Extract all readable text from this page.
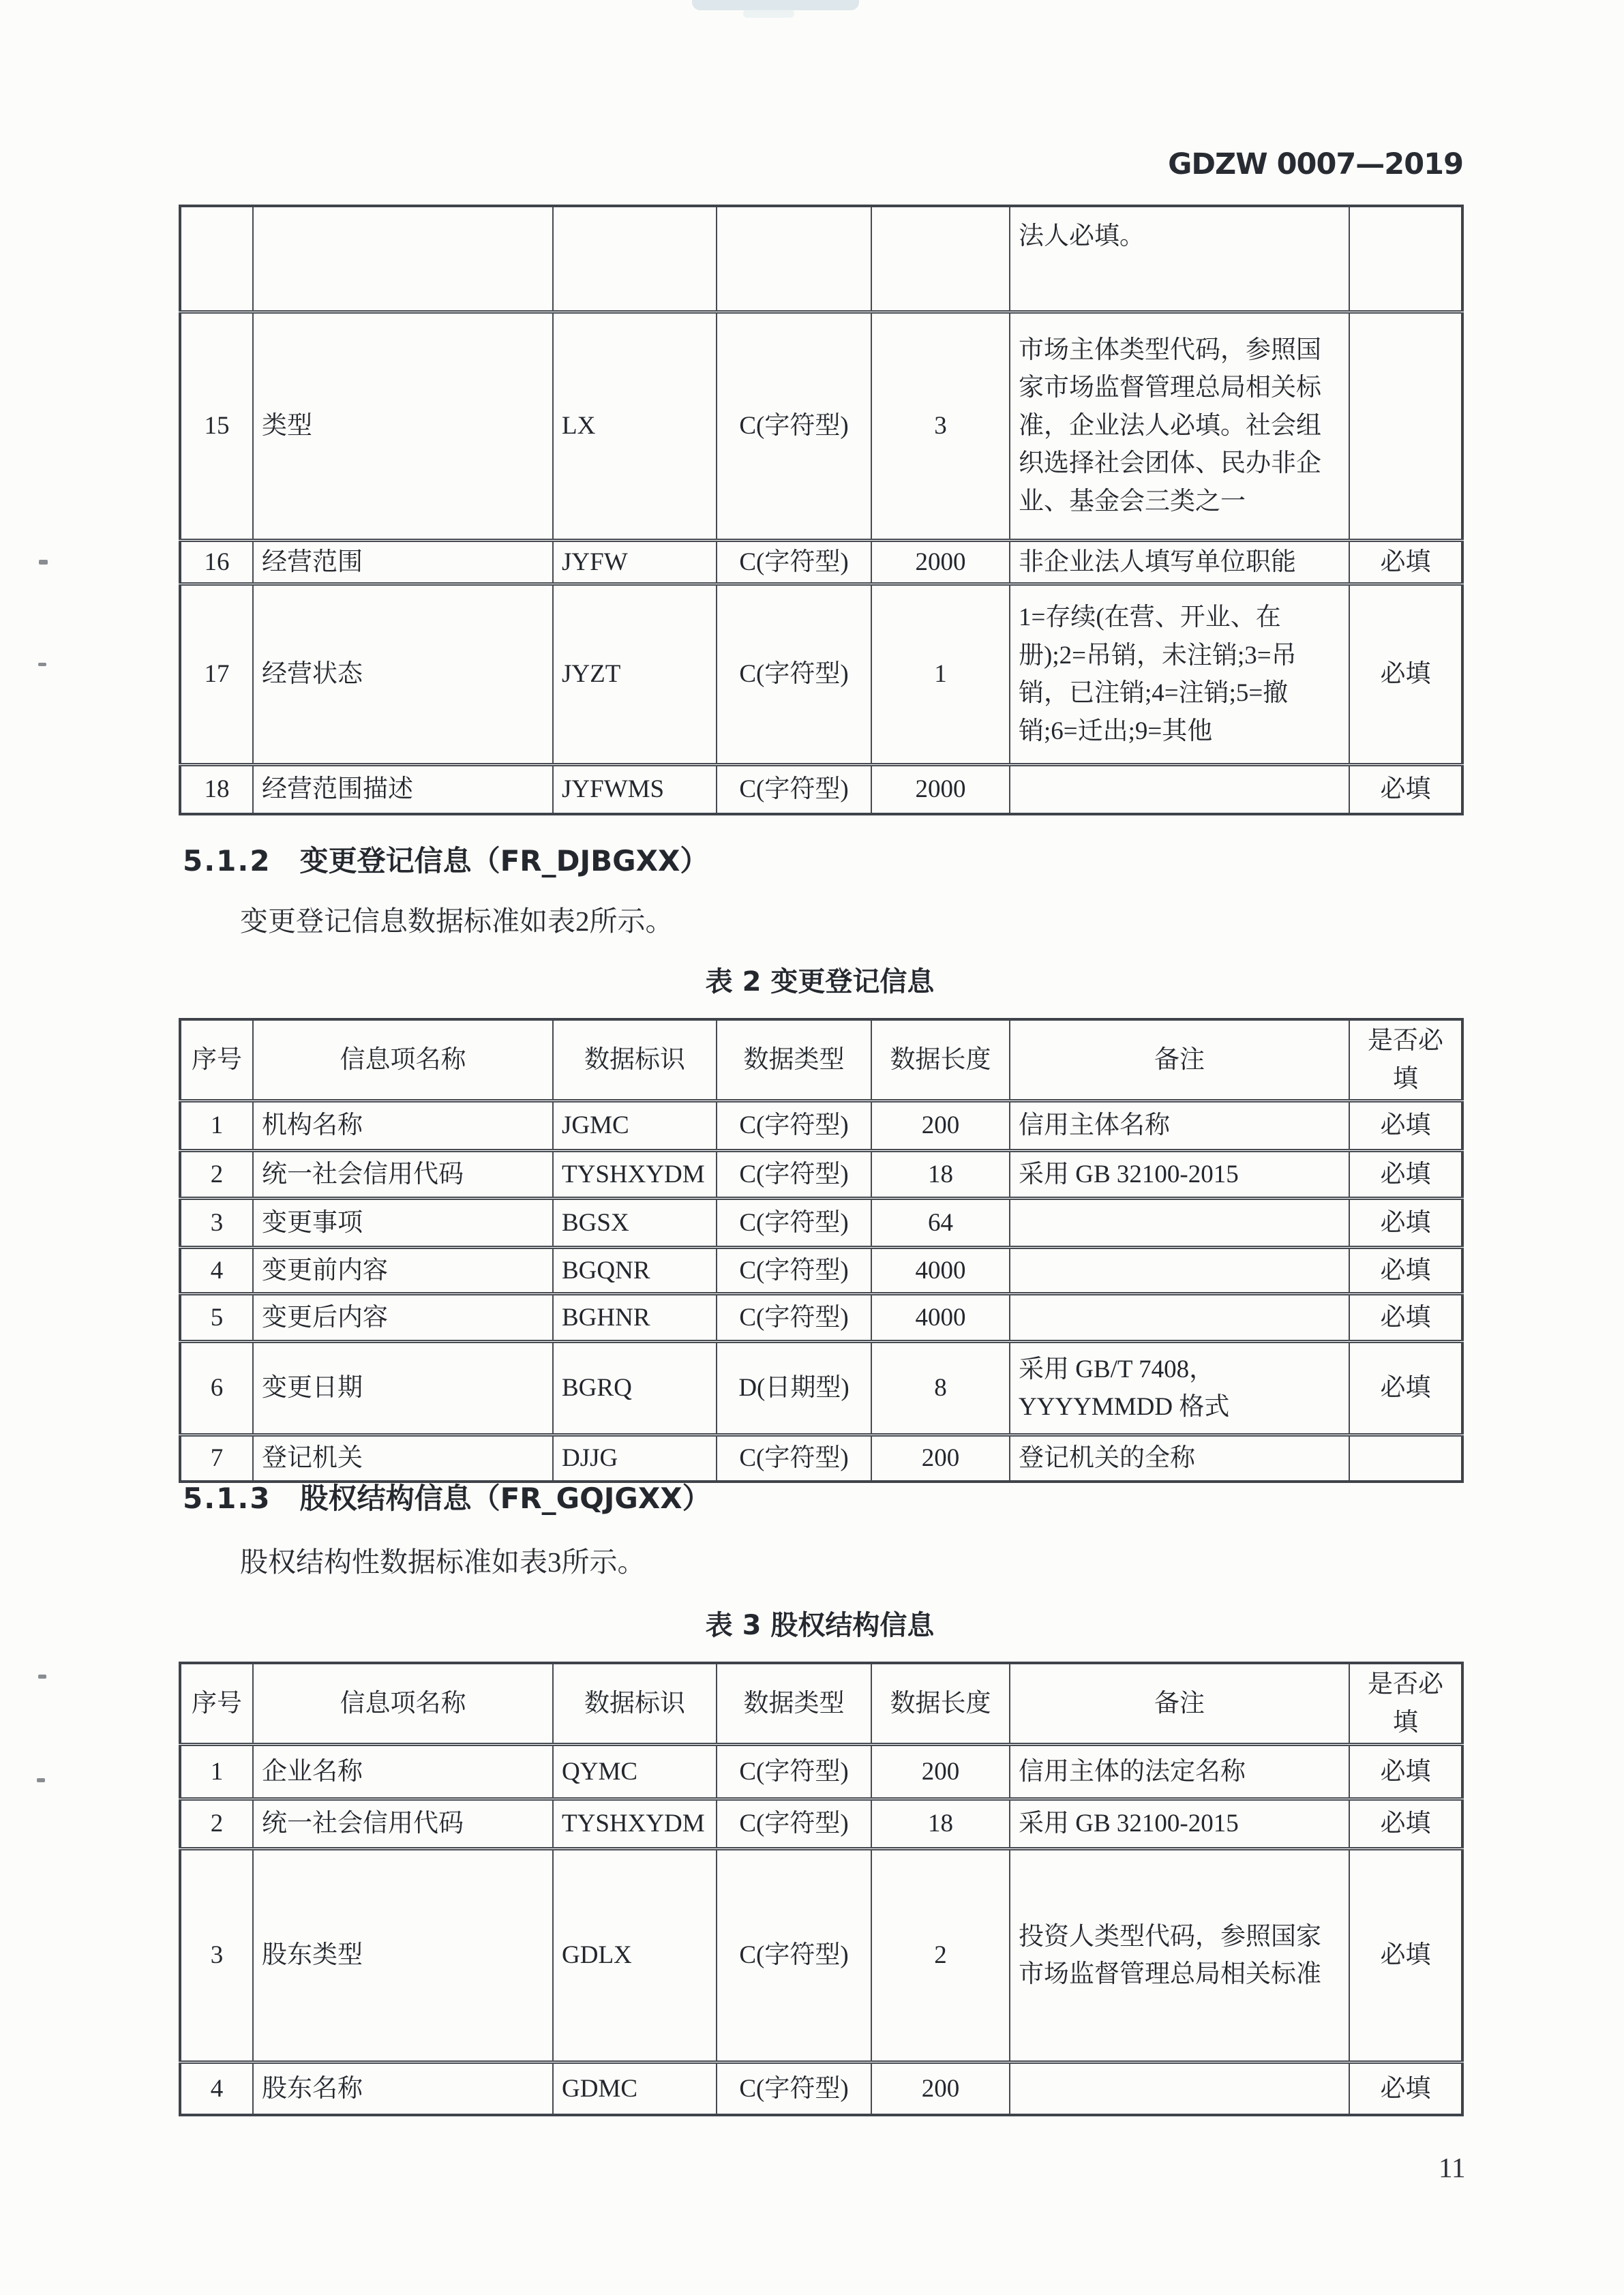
GDZW 0007—2019
					法人必填。	
15	类型	LX	C(字符型)	3	市场主体类型代码，参照国家市场监督管理总局相关标准，企业法人必填。社会组织选择社会团体、民办非企业、基金会三类之一	
16	经营范围	JYFW	C(字符型)	2000	非企业法人填写单位职能	必填
17	经营状态	JYZT	C(字符型)	1	1=存续(在营、开业、在册);2=吊销，未注销;3=吊销，已注销;4=注销;5=撤销;6=迁出;9=其他	必填
18	经营范围描述	JYFWMS	C(字符型)	2000		必填
5.1.2 变更登记信息（FR_DJBGXX）
变更登记信息数据标准如表2所示。
表 2 变更登记信息
序号	信息项名称	数据标识	数据类型	数据长度	备注	是否必填
1	机构名称	JGMC	C(字符型)	200	信用主体名称	必填
2	统一社会信用代码	TYSHXYDM	C(字符型)	18	采用 GB 32100-2015	必填
3	变更事项	BGSX	C(字符型)	64		必填
4	变更前内容	BGQNR	C(字符型)	4000		必填
5	变更后内容	BGHNR	C(字符型)	4000		必填
6	变更日期	BGRQ	D(日期型)	8	采用 GB/T 7408，YYYYMMDD 格式	必填
7	登记机关	DJJG	C(字符型)	200	登记机关的全称	
5.1.3 股权结构信息（FR_GQJGXX）
股权结构性数据标准如表3所示。
表 3 股权结构信息
序号	信息项名称	数据标识	数据类型	数据长度	备注	是否必填
1	企业名称	QYMC	C(字符型)	200	信用主体的法定名称	必填
2	统一社会信用代码	TYSHXYDM	C(字符型)	18	采用 GB 32100-2015	必填
3	股东类型	GDLX	C(字符型)	2	投资人类型代码，参照国家市场监督管理总局相关标准	必填
4	股东名称	GDMC	C(字符型)	200		必填
11
